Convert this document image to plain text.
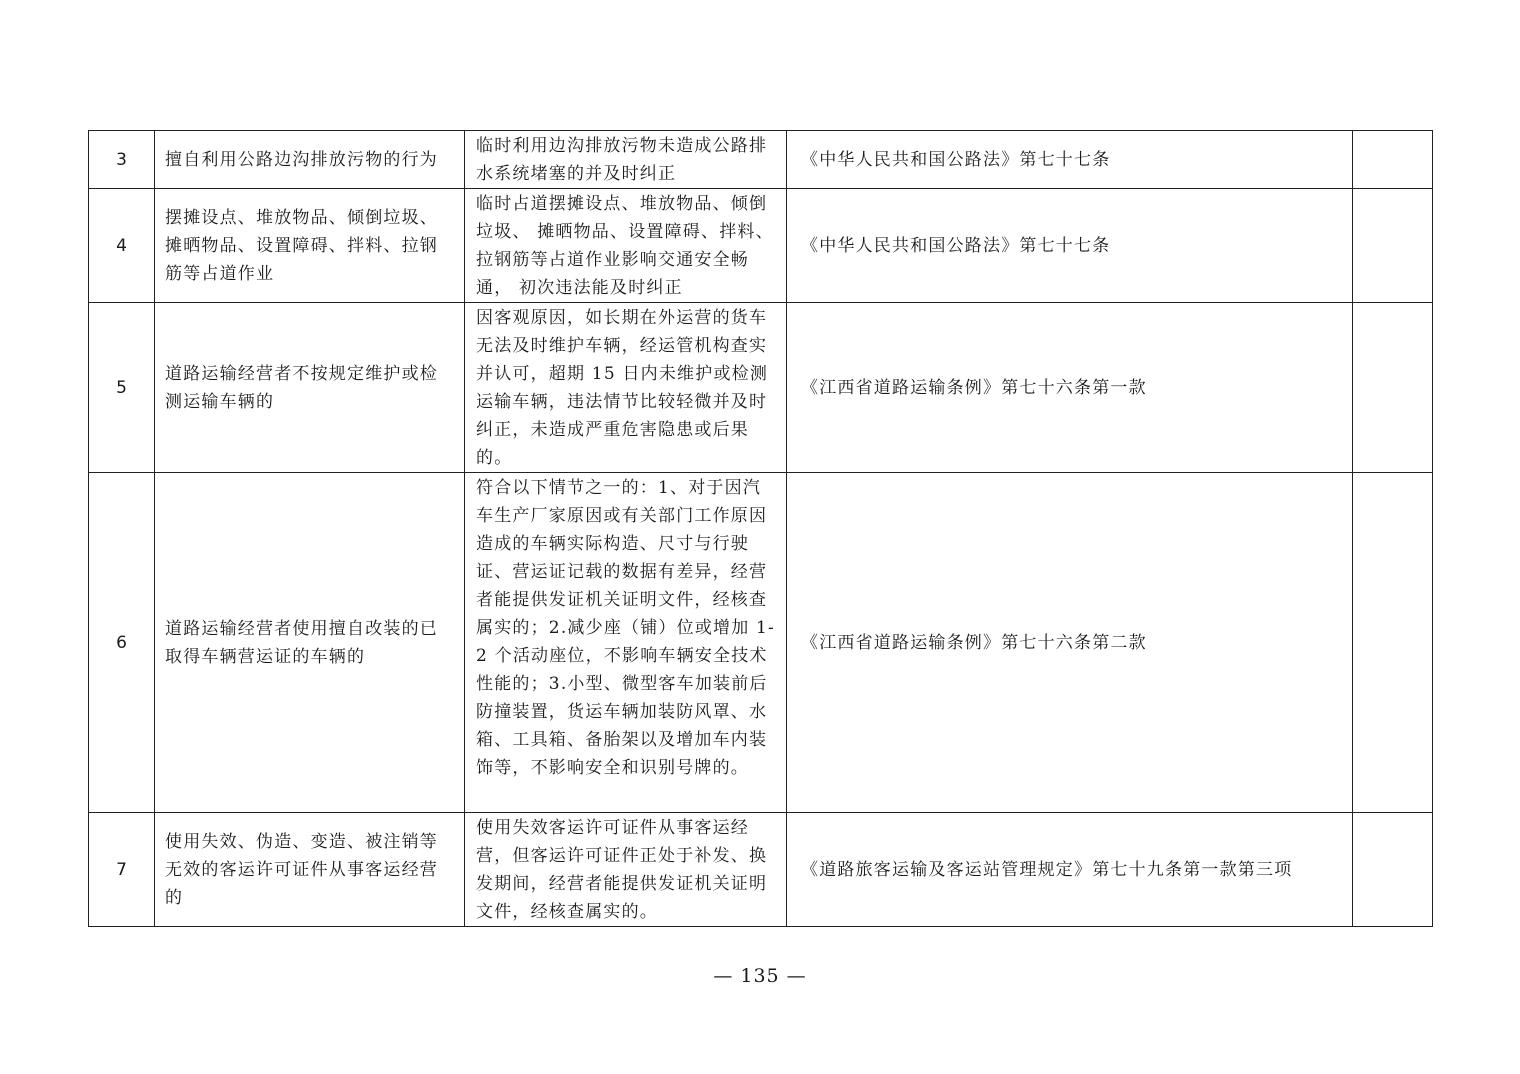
3	擅自利用公路边沟排放污物的行为	临时利用边沟排放污物未造成公路排水系统堵塞的并及时纠正	《中华人民共和国公路法》第七十七条	
4	摆摊设点、堆放物品、倾倒垃圾、摊晒物品、设置障碍、拌料、拉钢筋等占道作业	临时占道摆摊设点、堆放物品、倾倒垃圾、 摊晒物品、设置障碍、拌料、 拉钢筋等占道作业影响交通安全畅通， 初次违法能及时纠正	《中华人民共和国公路法》第七十七条	
5	道路运输经营者不按规定维护或检测运输车辆的	因客观原因，如长期在外运营的货车无法及时维护车辆，经运管机构查实并认可，超期 15 日内未维护或检测运输车辆，违法情节比较轻微并及时纠正，未造成严重危害隐患或后果的。	《江西省道路运输条例》第七十六条第一款	
6	道路运输经营者使用擅自改装的已取得车辆营运证的车辆的	符合以下情节之一的：1、对于因汽车生产厂家原因或有关部门工作原因造成的车辆实际构造、尺寸与行驶证、营运证记载的数据有差异，经营者能提供发证机关证明文件，经核查属实的；2.减少座（铺）位或增加 1-2 个活动座位，不影响车辆安全技术性能的；3.小型、微型客车加装前后防撞装置，货运车辆加装防风罩、水箱、工具箱、备胎架以及增加车内装饰等，不影响安全和识别号牌的。	《江西省道路运输条例》第七十六条第二款	
7	使用失效、伪造、变造、被注销等无效的客运许可证件从事客运经营的	使用失效客运许可证件从事客运经营，但客运许可证件正处于补发、换发期间，经营者能提供发证机关证明文件，经核查属实的。	《道路旅客运输及客运站管理规定》第七十九条第一款第三项	
— 135 —
